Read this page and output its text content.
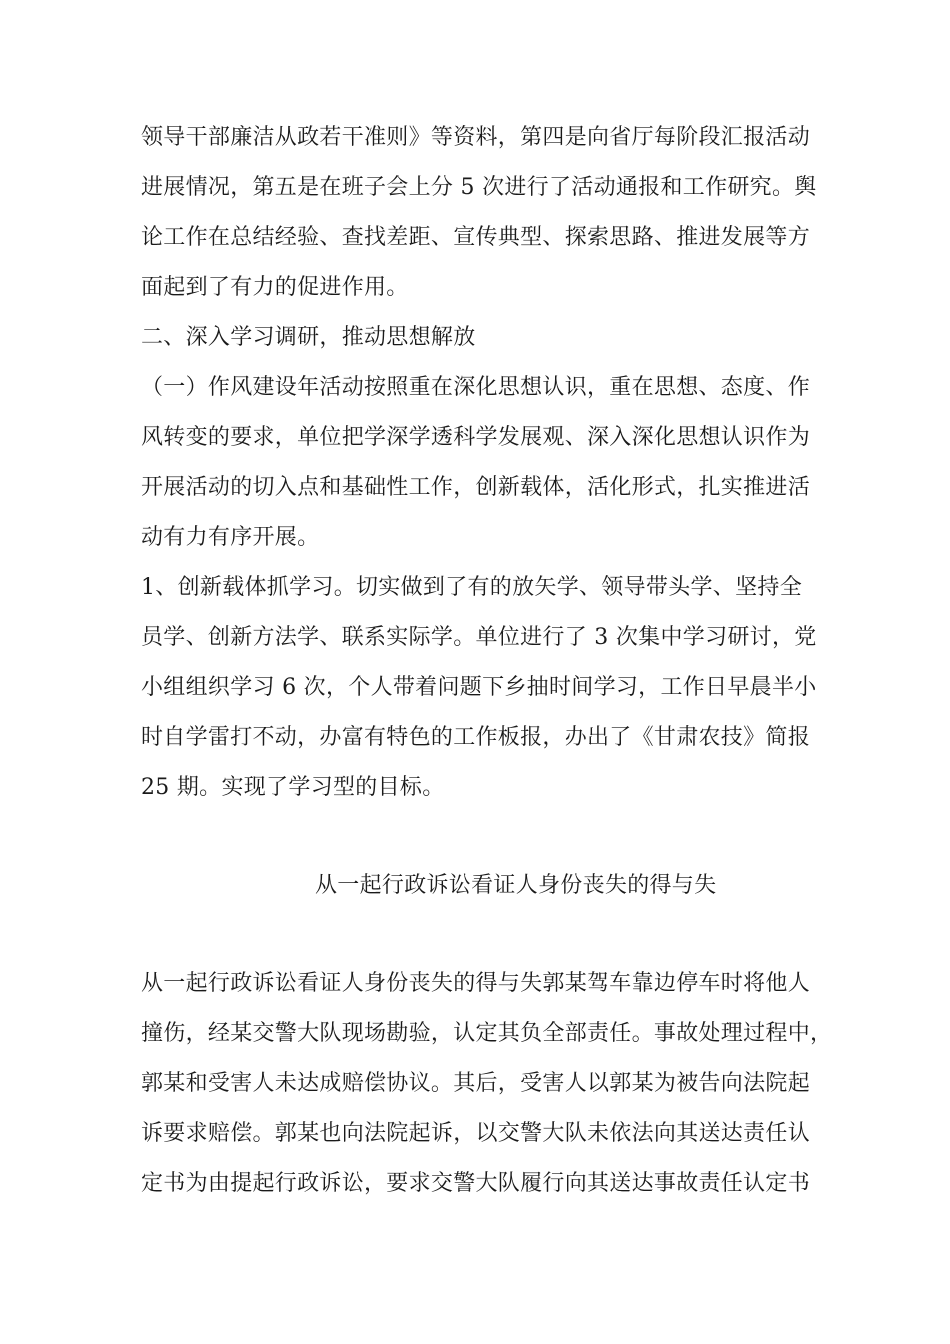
领导干部廉洁从政若干准则》等资料，第四是向省厅每阶段汇报活动
进展情况，第五是在班子会上分 5 次进行了活动通报和工作研究。舆
论工作在总结经验、查找差距、宣传典型、探索思路、推进发展等方
面起到了有力的促进作用。
二、深入学习调研，推动思想解放
（一）作风建设年活动按照重在深化思想认识，重在思想、态度、作
风转变的要求，单位把学深学透科学发展观、深入深化思想认识作为
开展活动的切入点和基础性工作，创新载体，活化形式，扎实推进活
动有力有序开展。
1、创新载体抓学习。切实做到了有的放矢学、领导带头学、坚持全
员学、创新方法学、联系实际学。单位进行了 3 次集中学习研讨，党
小组组织学习 6 次，个人带着问题下乡抽时间学习，工作日早晨半小
时自学雷打不动，办富有特色的工作板报，办出了《甘肃农技》简报
25 期。实现了学习型的目标。
从一起行政诉讼看证人身份丧失的得与失
从一起行政诉讼看证人身份丧失的得与失郭某驾车靠边停车时将他人
撞伤，经某交警大队现场勘验，认定其负全部责任。事故处理过程中，
郭某和受害人未达成赔偿协议。其后，受害人以郭某为被告向法院起
诉要求赔偿。郭某也向法院起诉，以交警大队未依法向其送达责任认
定书为由提起行政诉讼，要求交警大队履行向其送达事故责任认定书
